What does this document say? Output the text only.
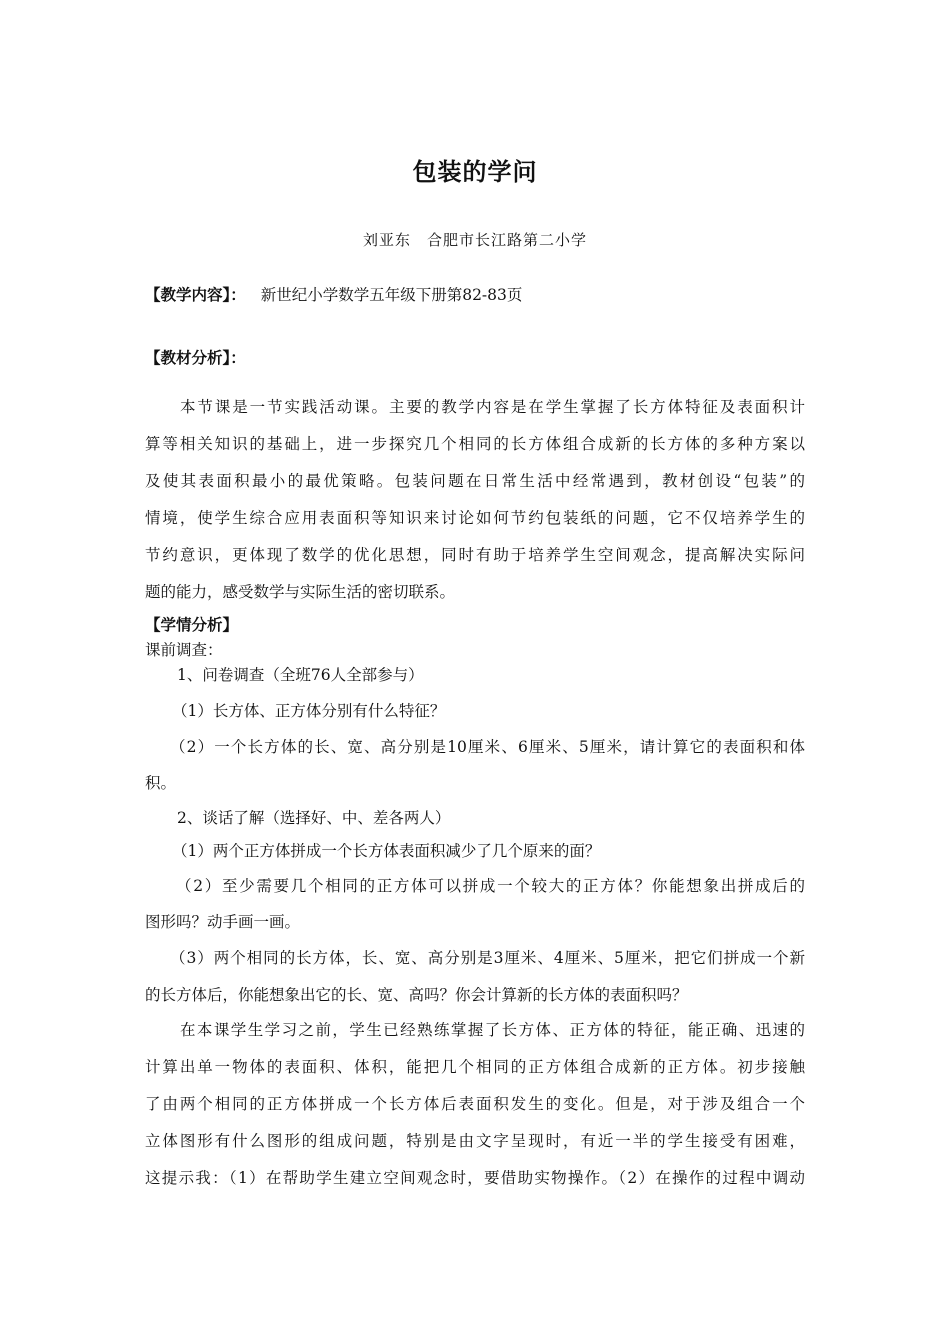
包装的学问
刘亚东　合肥市长江路第二小学
【教学内容】： 新世纪小学数学五年级下册第82-83页
【教材分析】：
本节课是一节实践活动课。主要的教学内容是在学生掌握了长方体特征及表面积计
算等相关知识的基础上，进一步探究几个相同的长方体组合成新的长方体的多种方案以
及使其表面积最小的最优策略。包装问题在日常生活中经常遇到，教材创设“包装”的
情境，使学生综合应用表面积等知识来讨论如何节约包装纸的问题，它不仅培养学生的
节约意识，更体现了数学的优化思想，同时有助于培养学生空间观念，提高解决实际问
题的能力，感受数学与实际生活的密切联系。
【学情分析】
课前调查：
1、问卷调查（全班76人全部参与）
（1）长方体、正方体分别有什么特征？
（2）一个长方体的长、宽、高分别是10厘米、6厘米、5厘米，请计算它的表面积和体
积。
2、谈话了解（选择好、中、差各两人）
（1）两个正方体拼成一个长方体表面积减少了几个原来的面？
（2）至少需要几个相同的正方体可以拼成一个较大的正方体？你能想象出拼成后的
图形吗？动手画一画。
（3）两个相同的长方体，长、宽、高分别是3厘米、4厘米、5厘米，把它们拼成一个新
的长方体后，你能想象出它的长、宽、高吗？你会计算新的长方体的表面积吗？
在本课学生学习之前，学生已经熟练掌握了长方体、正方体的特征，能正确、迅速的
计算出单一物体的表面积、体积，能把几个相同的正方体组合成新的正方体。初步接触
了由两个相同的正方体拼成一个长方体后表面积发生的变化。但是，对于涉及组合一个
立体图形有什么图形的组成问题，特别是由文字呈现时，有近一半的学生接受有困难，
这提示我：（1）在帮助学生建立空间观念时，要借助实物操作。（2）在操作的过程中调动
